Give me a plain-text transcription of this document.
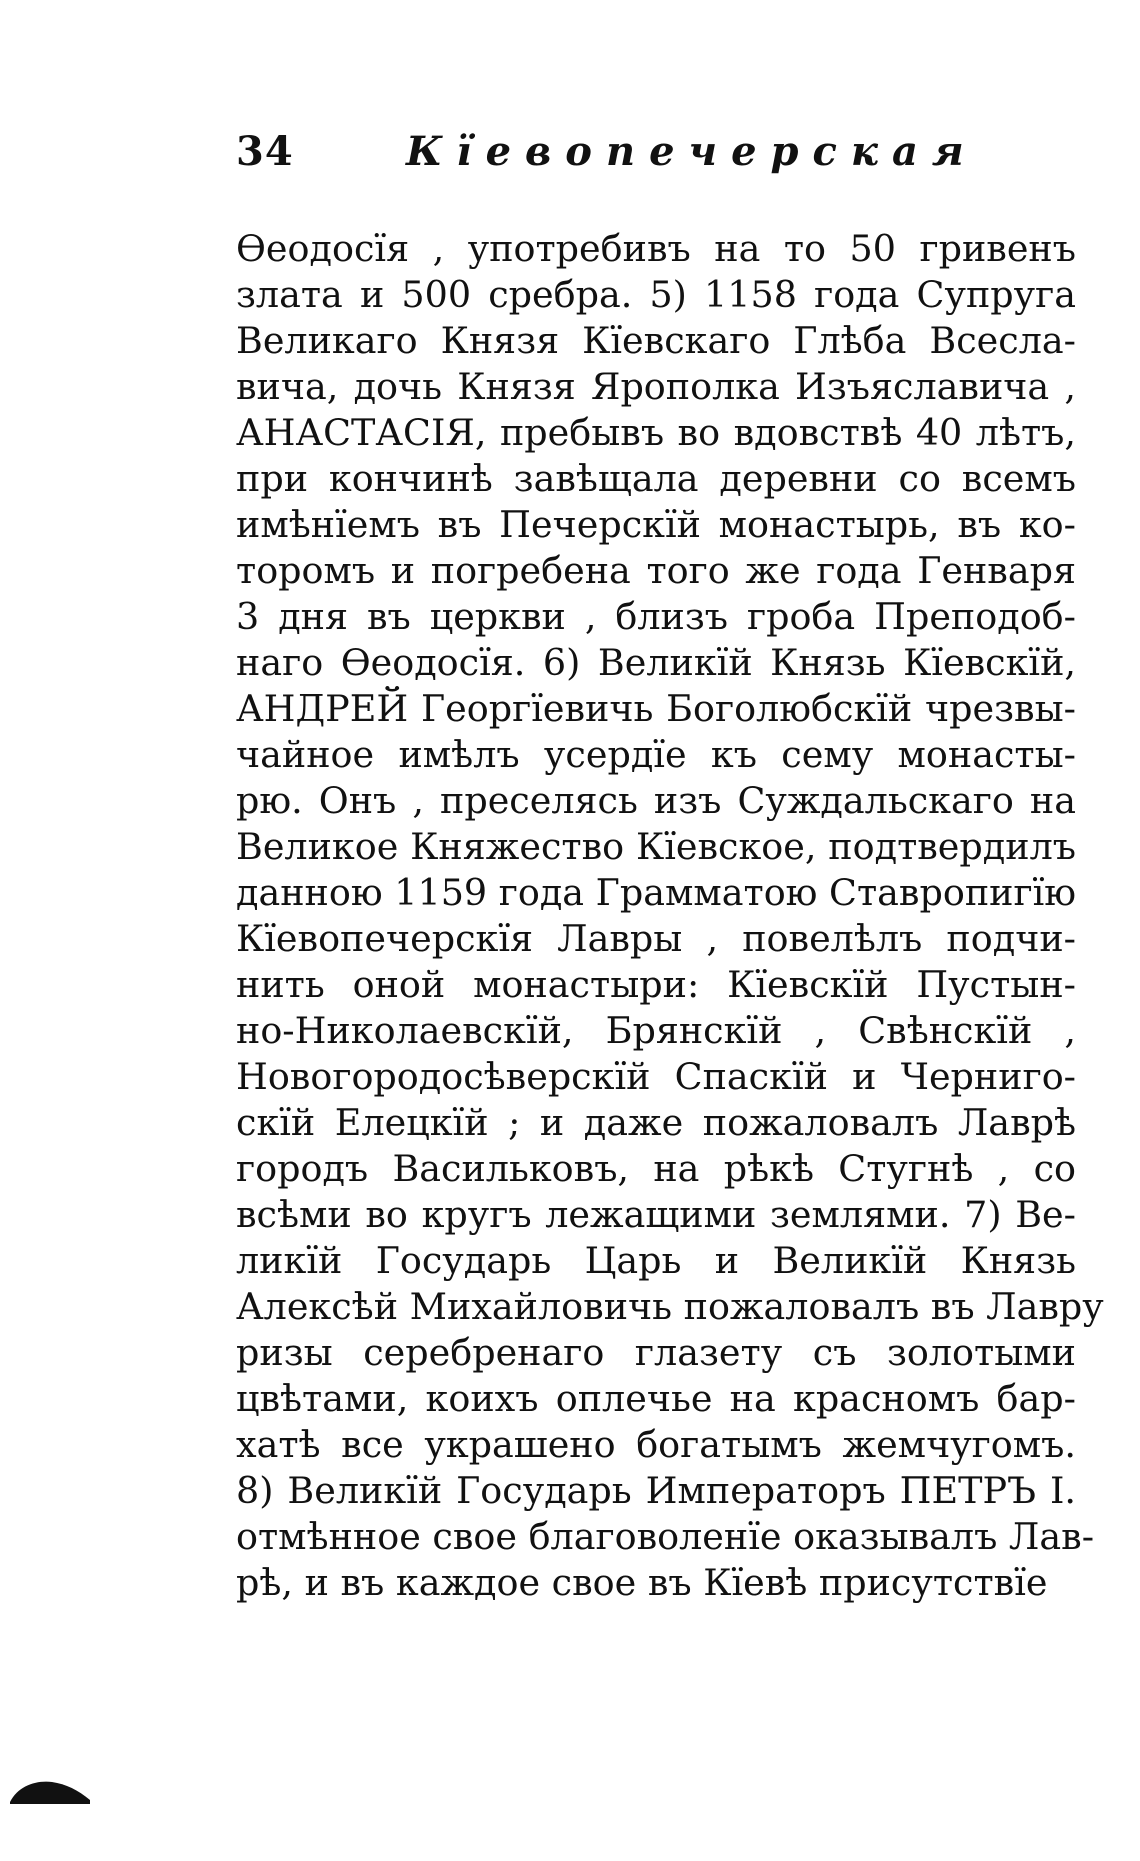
34	Кїевопечерская
Ѳеодосїя , употребивъ на то 50 гривенъ
злата и 500 сребра. 5) 1158 года Супруга
Великаго Князя Кїевскаго Глѣба Всесла-
вича, дочь Князя Ярополка Изъяславича ,
АНАСТАСІЯ, пребывъ во вдовствѣ 40 лѣтъ,
при кончинѣ завѣщала деревни со всемъ
имѣнїемъ въ Печерскїй монастырь, въ ко-
торомъ и погребена того же года Генваря
3 дня въ церкви , близъ гроба Преподоб-
наго Ѳеодосїя. 6) Великїй Князь Кїевскїй,
АНДРЕЙ Георгїевичь Боголюбскїй чрезвы-
чайное имѣлъ усердїе къ сему монасты-
рю. Онъ , преселясь изъ Суждальскаго на
Великое Княжество Кїевское, подтвердилъ
данною 1159 года Грамматою Ставропигїю
Кїевопечерскїя Лавры , повелѣлъ подчи-
нить оной монастыри: Кїевскїй Пустын-
но-Николаевскїй, Брянскїй , Свѣнскїй ,
Новогородосѣверскїй Спаскїй и Черниго-
скїй Елецкїй ; и даже пожаловалъ Лаврѣ
городъ Васильковъ, на рѣкѣ Стугнѣ , со
всѣми во кругъ лежащими землями. 7) Ве-
ликїй Государь Царь и Великїй Князь
Алексѣй Михайловичь пожаловалъ въ Лавру
ризы серебренаго глазету съ золотыми
цвѣтами, коихъ оплечье на красномъ бар-
хатѣ все украшено богатымъ жемчугомъ.
8) Великїй Государь Императоръ ПЕТРЪ I.
отмѣнное свое благоволенїе оказывалъ Лав-
рѣ, и въ каждое свое въ Кїевѣ присутствїе
